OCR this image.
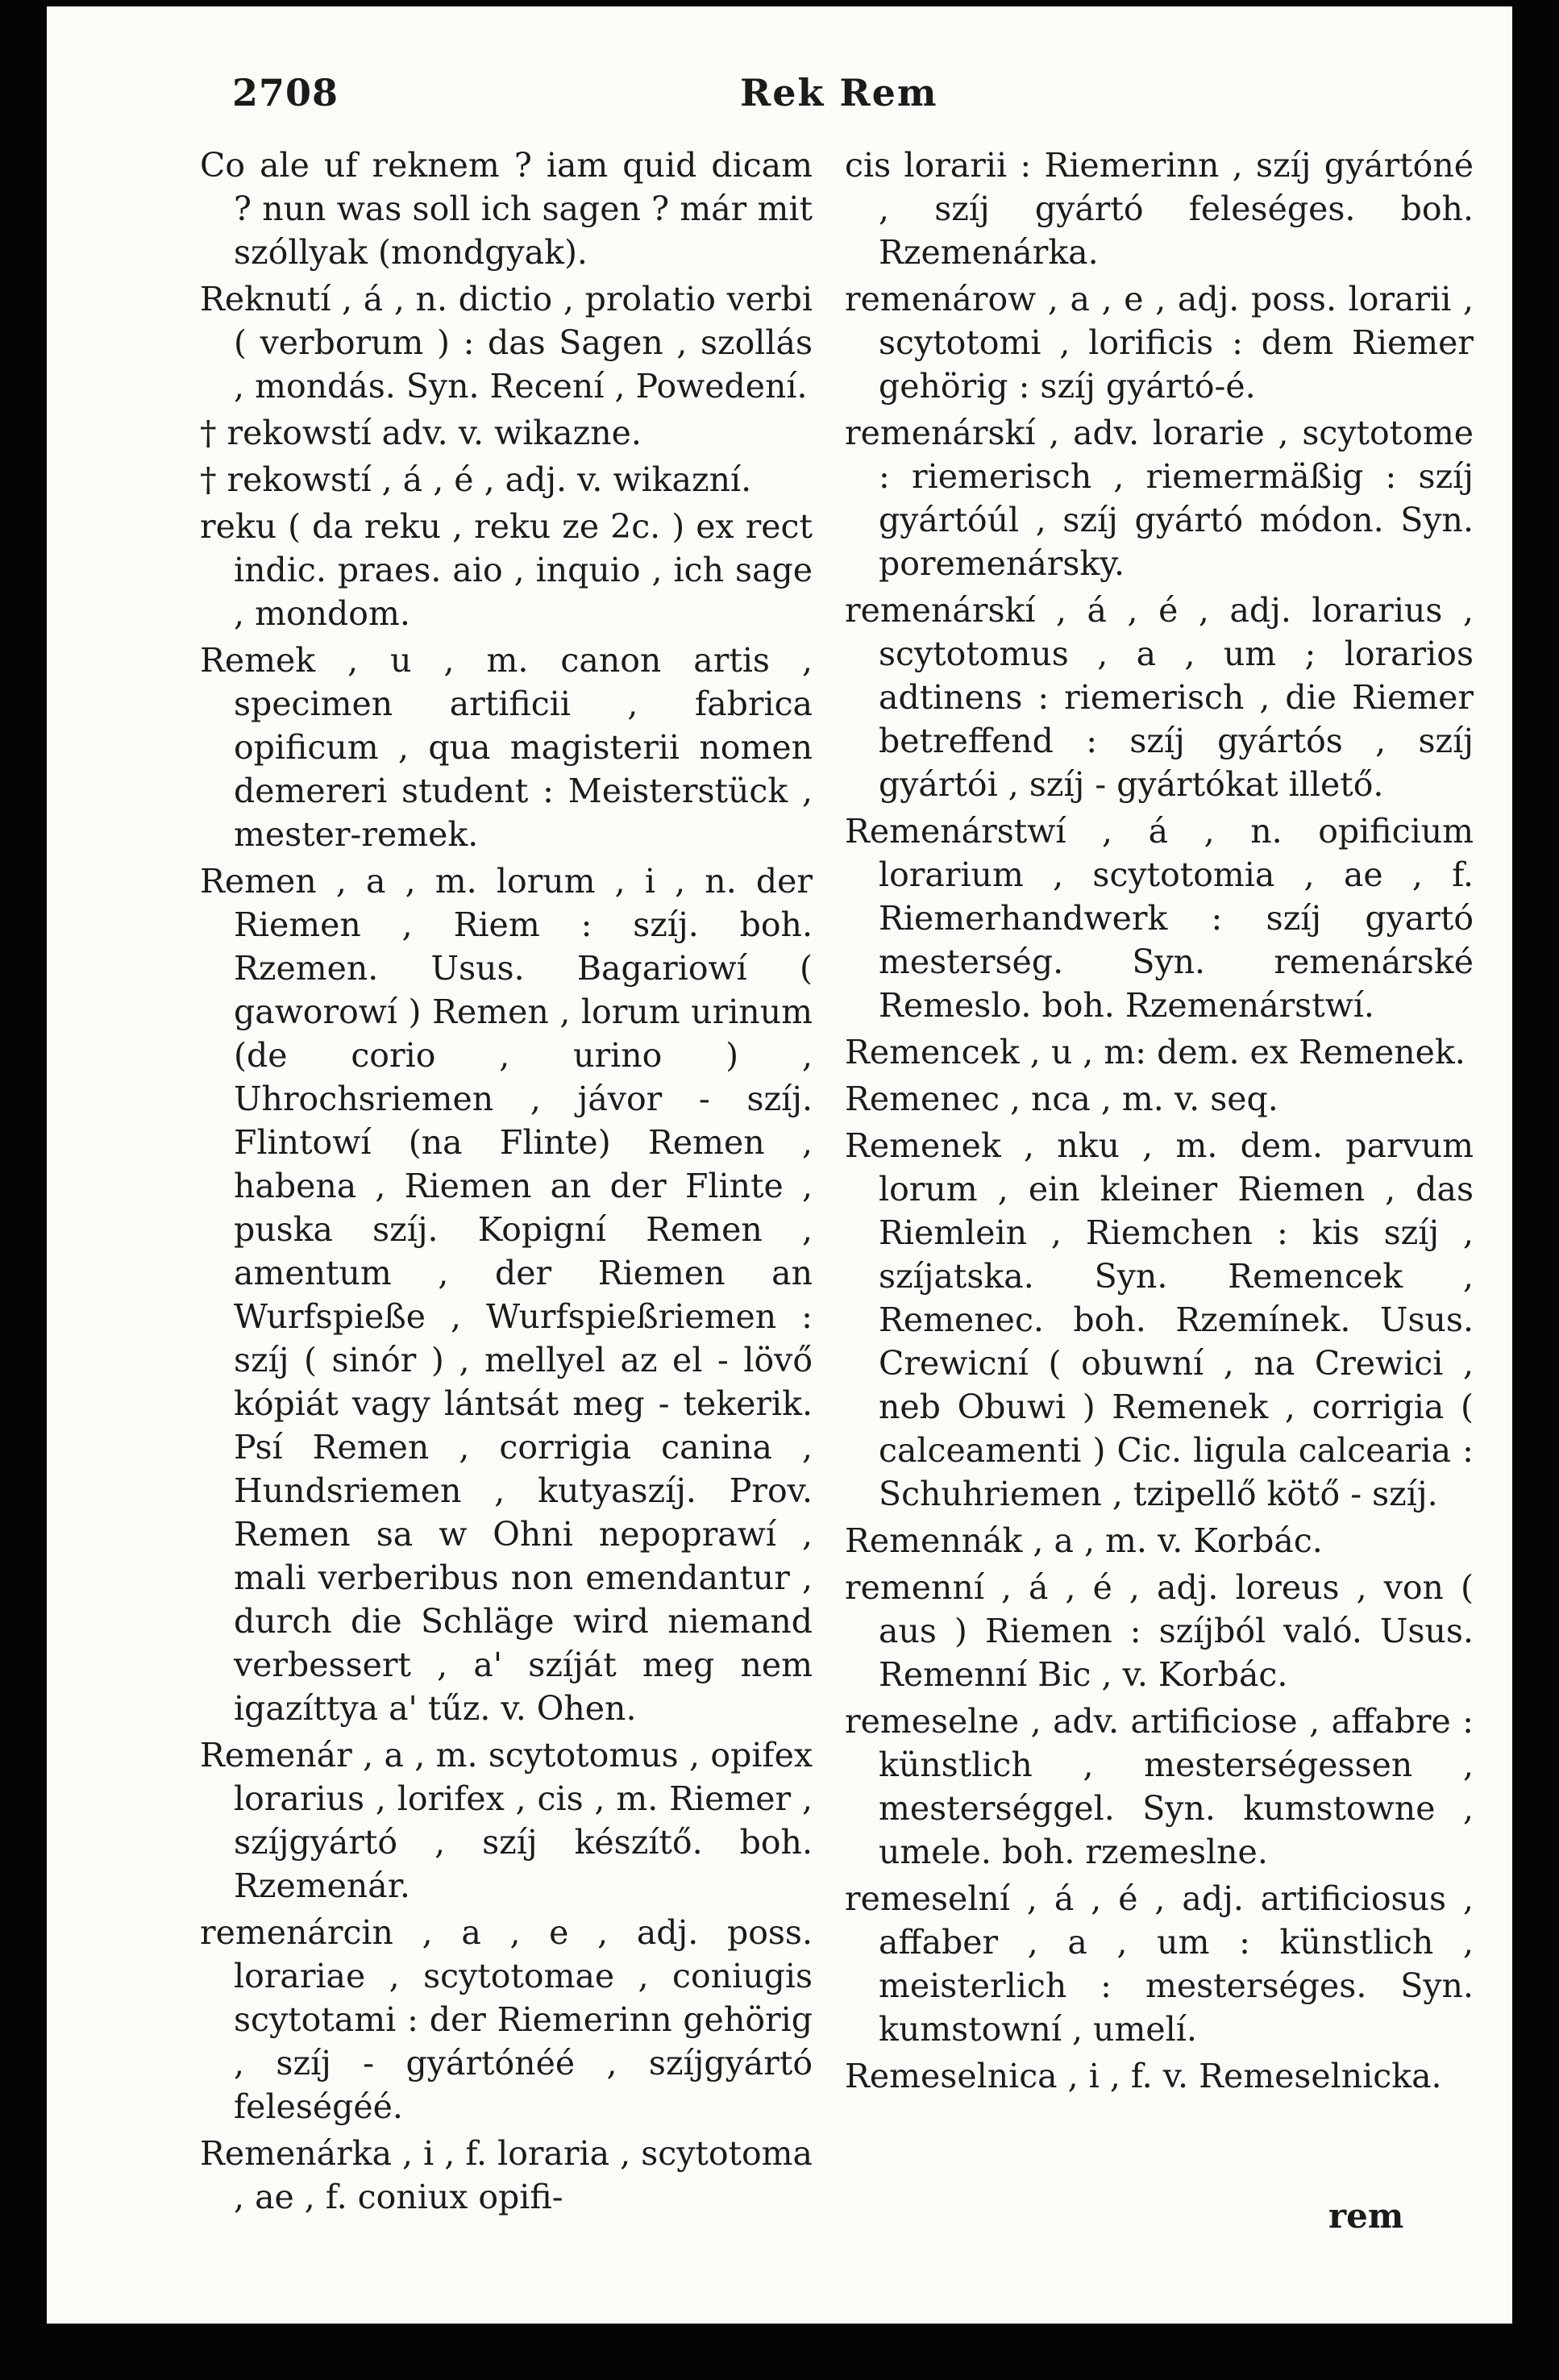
2708	Rek Rem

Co ale uf reknem ? iam quid dicam ? nun was soll ich sagen ? már mit szóllyak (mondgyak).

Reknutí , á , n. dictio , prolatio verbi ( verborum ) : das Sagen , szollás , mondás. Syn. Recení , Powedení.

† rekowstí adv. v. wikazne.

† rekowstí , á , é , adj. v. wikazní.

reku ( da reku , reku ze 2c. ) ex rect indic. praes. aio , inquio , ich sage , mondom.

Remek , u , m. canon artis , specimen artificii , fabrica opificum , qua magisterii nomen demereri student : Meisterstück , mester-remek.

Remen , a , m. lorum , i , n. der Riemen , Riem : szíj. boh. Rzemen. Usus. Bagariowí ( gaworowí ) Remen , lorum urinum (de corio , urino ) , Uhrochsriemen , jávor - szíj. Flintowí (na Flinte) Remen , habena , Riemen an der Flinte , puska szíj. Kopigní Remen , amentum , der Riemen an Wurfspieße , Wurfspießriemen : szíj ( sinór ) , mellyel az el - lövő kópiát vagy lántsát meg - tekerik. Psí Remen , corrigia canina , Hundsriemen , kutyaszíj. Prov. Remen sa w Ohni nepoprawí , mali verberibus non emendantur , durch die Schläge wird niemand verbessert , a' szíját meg nem igazíttya a' tűz. v. Ohen.

Remenár , a , m. scytotomus , opifex lorarius , lorifex , cis , m. Riemer , szíjgyártó , szíj készítő. boh. Rzemenár.

remenárcin , a , e , adj. poss. lorariae , scytotomae , coniugis scytotami : der Riemerinn gehörig , szíj - gyártónéé , szíjgyártó feleségéé.

Remenárka , i , f. loraria , scytotoma , ae , f. coniux opifi-

cis lorarii : Riemerinn , szíj gyártóné , szíj gyártó feleséges. boh. Rzemenárka.

remenárow , a , e , adj. poss. lorarii , scytotomi , lorificis : dem Riemer gehörig : szíj gyártó-é.

remenárskí , adv. lorarie , scytotome : riemerisch , riemermäßig : szíj gyártóúl , szíj gyártó módon. Syn. poremenársky.

remenárskí , á , é , adj. lorarius , scytotomus , a , um ; lorarios adtinens : riemerisch , die Riemer betreffend : szíj gyártós , szíj gyártói , szíj - gyártókat illető.

Remenárstwí , á , n. opificium lorarium , scytotomia , ae , f. Riemerhandwerk : szíj gyartó mesterség. Syn. remenárské Remeslo. boh. Rzemenárstwí.

Remencek , u , m: dem. ex Remenek.

Remenec , nca , m. v. seq.

Remenek , nku , m. dem. parvum lorum , ein kleiner Riemen , das Riemlein , Riemchen : kis szíj , szíjatska. Syn. Remencek , Remenec. boh. Rzemínek. Usus. Crewicní ( obuwní , na Crewici , neb Obuwi ) Remenek , corrigia ( calceamenti ) Cic. ligula calcearia : Schuhriemen , tzipellő kötő - szíj.

Remennák , a , m. v. Korbác.

remenní , á , é , adj. loreus , von ( aus ) Riemen : szíjból való. Usus. Remenní Bic , v. Korbác.

remeselne , adv. artificiose , affabre : künstlich , mesterségessen , mesterséggel. Syn. kumstowne , umele. boh. rzemeslne.

remeselní , á , é , adj. artificiosus , affaber , a , um : künstlich , meisterlich : mesterséges. Syn. kumstowní , umelí.

Remeselnica , i , f. v. Remeselnicka.

rem
